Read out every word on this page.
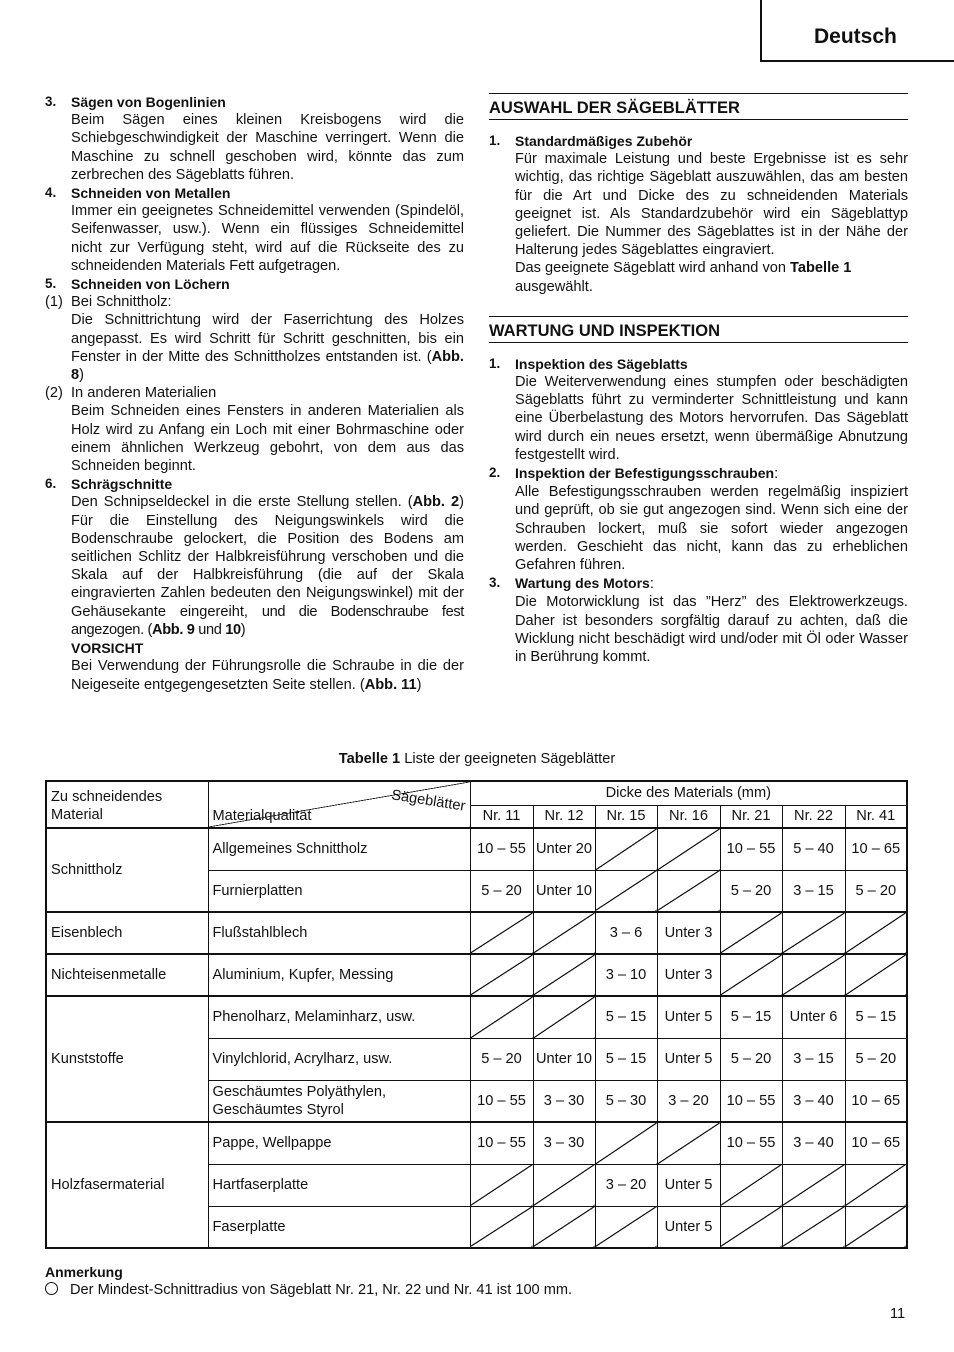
Deutsch
3. Sägen von Bogenlinien
Beim Sägen eines kleinen Kreisbogens wird die Schiebgeschwindigkeit der Maschine verringert. Wenn die Maschine zu schnell geschoben wird, könnte das zum zerbrechen des Sägeblatts führen.
4. Schneiden von Metallen
Immer ein geeignetes Schneidemittel verwenden (Spindelöl, Seifenwasser, usw.). Wenn ein flüssiges Schneidemittel nicht zur Verfügung steht, wird auf die Rückseite des zu schneidenden Materials Fett aufgetragen.
5. Schneiden von Löchern
(1) Bei Schnittholz:
Die Schnittrichtung wird der Faserrichtung des Holzes angepasst. Es wird Schritt für Schritt geschnitten, bis ein Fenster in der Mitte des Schnittholzes entstanden ist. (Abb. 8)
(2) In anderen Materialien
Beim Schneiden eines Fensters in anderen Materialien als Holz wird zu Anfang ein Loch mit einer Bohrmaschine oder einem ähnlichen Werkzeug gebohrt, von dem aus das Schneiden beginnt.
6. Schrägschnitte
Den Schnipseldeckel in die erste Stellung stellen. (Abb. 2) Für die Einstellung des Neigungswinkels wird die Bodenschraube gelockert, die Position des Bodens am seitlichen Schlitz der Halbkreisführung verschoben und die Skala auf der Halbkreisführung (die auf der Skala eingravierten Zahlen bedeuten den Neigungswinkel) mit der Gehäusekante eingereiht, und die Bodenschraube fest angezogen. (Abb. 9 und 10)
VORSICHT
Bei Verwendung der Führungsrolle die Schraube in die der Neigeseite entgegengesetzten Seite stellen. (Abb. 11)
AUSWAHL DER SÄGEBLÄTTER
1. Standardmäßiges Zubehör
Für maximale Leistung und beste Ergebnisse ist es sehr wichtig, das richtige Sägeblatt auszuwählen, das am besten für die Art und Dicke des zu schneidenden Materials geeignet ist. Als Standardzubehör wird ein Sägeblattyp geliefert. Die Nummer des Sägeblattes ist in der Nähe der Halterung jedes Sägeblattes eingraviert.
Das geeignete Sägeblatt wird anhand von Tabelle 1 ausgewählt.
WARTUNG UND INSPEKTION
1. Inspektion des Sägeblatts
Die Weiterverwendung eines stumpfen oder beschädigten Sägeblatts führt zu verminderter Schnittleistung und kann eine Überbelastung des Motors hervorrufen. Das Sägeblatt wird durch ein neues ersetzt, wenn übermäßige Abnutzung festgestellt wird.
2. Inspektion der Befestigungsschrauben:
Alle Befestigungsschrauben werden regelmäßig inspiziert und geprüft, ob sie gut angezogen sind. Wenn sich eine der Schrauben lockert, muß sie sofort wieder angezogen werden. Geschieht das nicht, kann das zu erheblichen Gefahren führen.
3. Wartung des Motors:
Die Motorwicklung ist das ”Herz” des Elektrowerkzeugs. Daher ist besonders sorgfältig darauf zu achten, daß die Wicklung nicht beschädigt wird und/oder mit Öl oder Wasser in Berührung kommt.
Tabelle 1 Liste der geeigneten Sägeblätter
Zu schneidendes Material	Sägeblätter
Materialqualität	Dicke des Materials (mm)						
		Nr. 11	Nr. 12	Nr. 15	Nr. 16	Nr. 21	Nr. 22	Nr. 41
Schnittholz	Allgemeines Schnittholz	10 – 55	Unter 20			10 – 55	5 – 40	10 – 65
	Furnierplatten	5 – 20	Unter 10			5 – 20	3 – 15	5 – 20
Eisenblech	Flußstahlblech			3 – 6	Unter 3			
Nichteisenmetalle	Aluminium, Kupfer, Messing			3 – 10	Unter 3			
Kunststoffe	Phenolharz, Melaminharz, usw.			5 – 15	Unter 5	5 – 15	Unter 6	5 – 15
	Vinylchlorid, Acrylharz, usw.	5 – 20	Unter 10	5 – 15	Unter 5	5 – 20	3 – 15	5 – 20
	Geschäumtes Polyäthylen, Geschäumtes Styrol	10 – 55	3 – 30	5 – 30	3 – 20	10 – 55	3 – 40	10 – 65
Holzfasermaterial	Pappe, Wellpappe	10 – 55	3 – 30			10 – 55	3 – 40	10 – 65
	Hartfaserplatte			3 – 20	Unter 5			
	Faserplatte				Unter 5			
Anmerkung
Der Mindest-Schnittradius von Sägeblatt Nr. 21, Nr. 22 und Nr. 41 ist 100 mm.
11
